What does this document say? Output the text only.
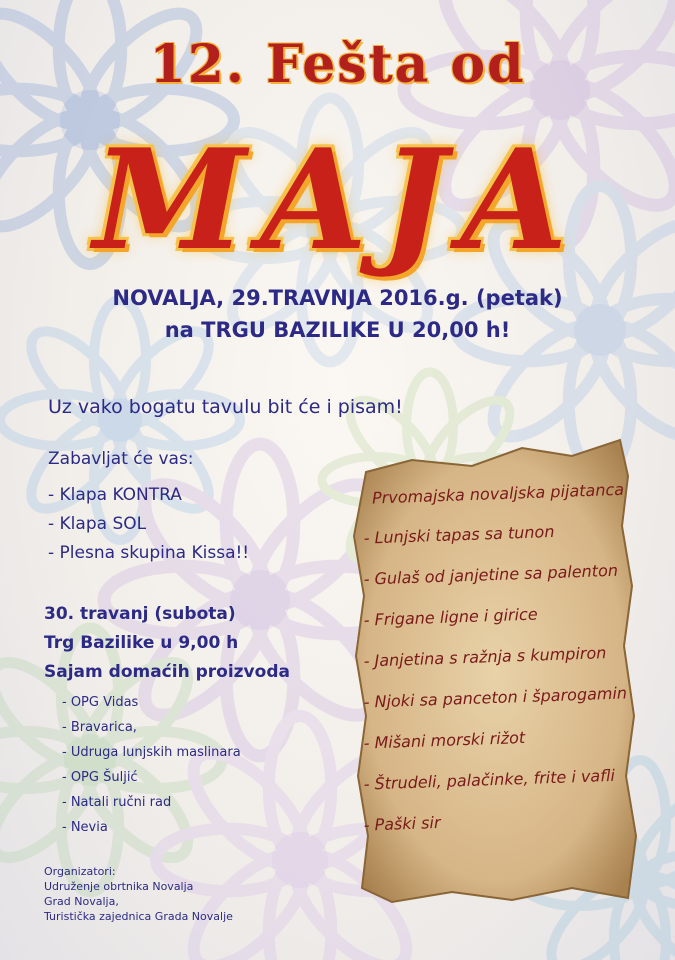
12. Fešta od
MAJA
NOVALJA, 29.TRAVNJA 2016.g. (petak)
na TRGU BAZILIKE U 20,00 h!
Uz vako bogatu tavulu bit će i pisam!
Zabavljat će vas:
- Klapa KONTRA
- Klapa SOL
- Plesna skupina Kissa!!
30. travanj (subota)
Trg Bazilike u 9,00 h
Sajam domaćih proizvoda
- OPG Vidas
- Bravarica,
- Udruga lunjskih maslinara
- OPG Šuljić
- Natali ručni rad
- Nevia
Organizatori:
Udruženje obrtnika Novalja
Grad Novalja,
Turistička zajednica Grada Novalje
Prvomajska novaljska pijatanca
- Lunjski tapas sa tunon
- Gulaš od janjetine sa palenton
- Frigane ligne i girice
- Janjetina s ražnja s kumpiron
- Njoki sa panceton i šparogamin
- Mišani morski rižot
- Štrudeli, palačinke, frite i vafli
- Paški sir
